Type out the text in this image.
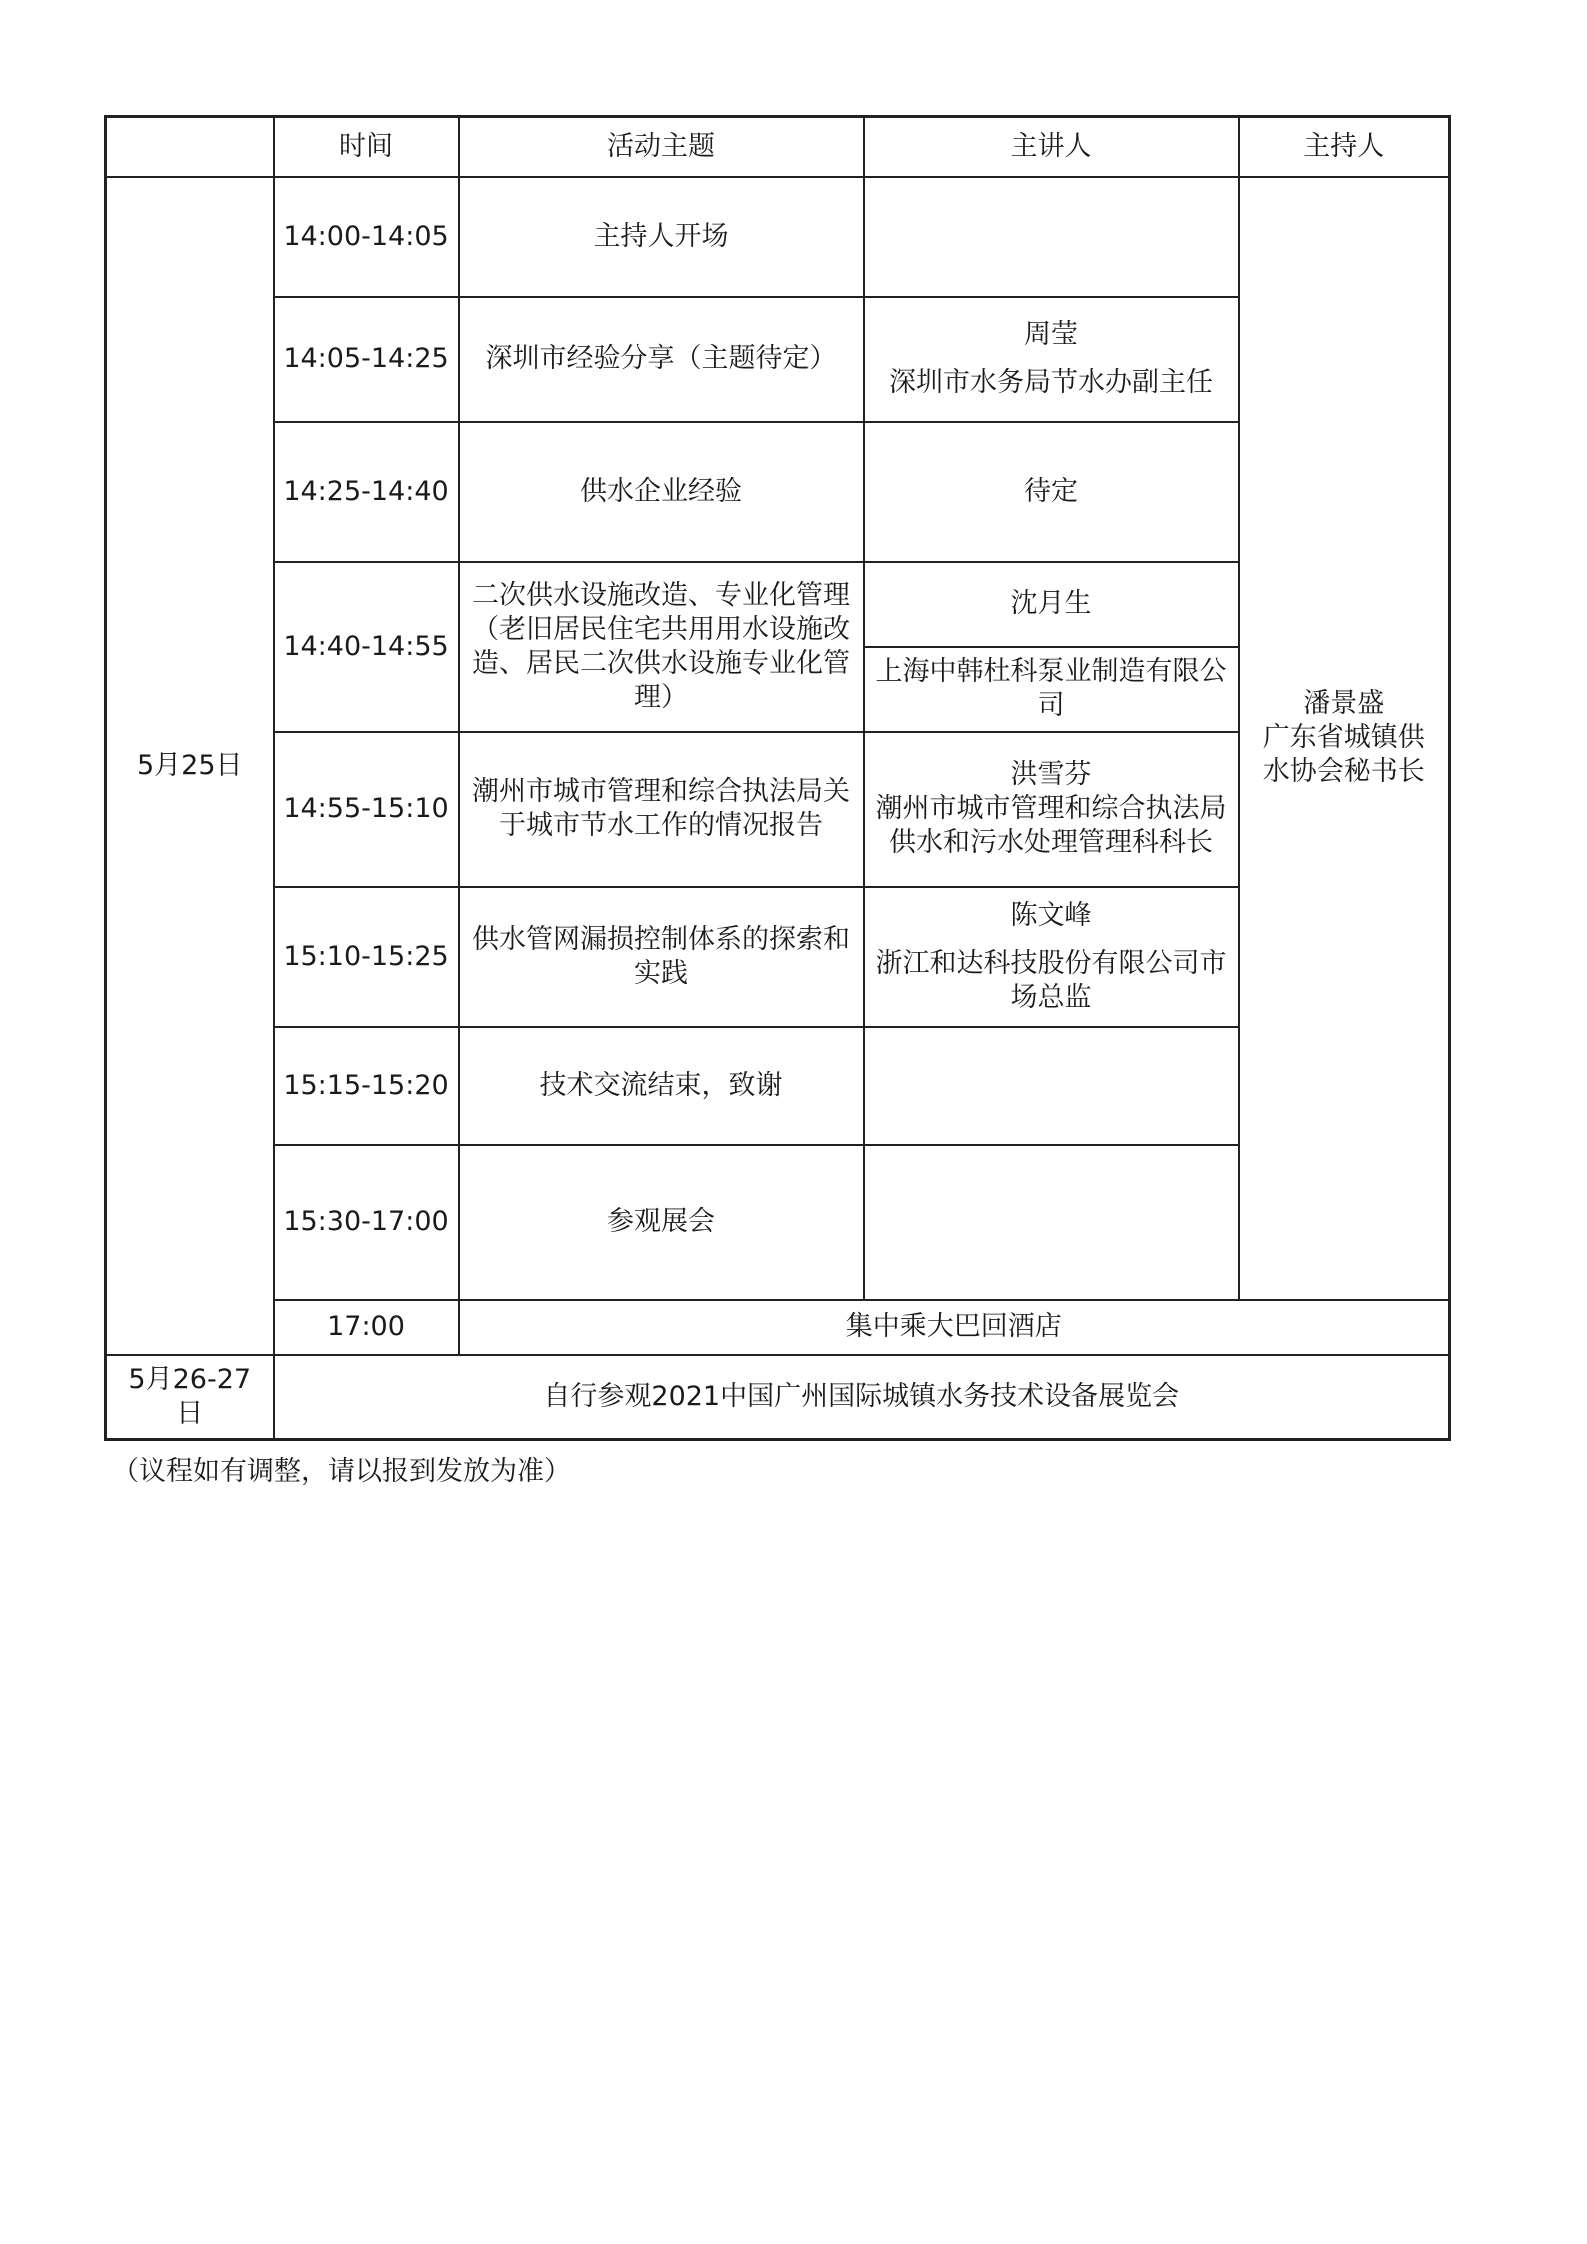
	时间	活动主题	主讲人	主持人
5月25日	14:00-14:05	主持人开场		潘景盛
广东省城镇供水协会秘书长

	14:05-14:25	深圳市经验分享（主题待定）	周莹
深圳市水务局节水办副主任	

	14:25-14:40	供水企业经验	待定	

	14:40-14:55	二次供水设施改造、专业化管理（老旧居民住宅共用用水设施改造、居民二次供水设施专业化管理）	沈月生
上海中韩杜科泵业制造有限公司	

	14:55-15:10	潮州市城市管理和综合执法局关于城市节水工作的情况报告	洪雪芬
潮州市城市管理和综合执法局供水和污水处理管理科科长	

	15:10-15:25	供水管网漏损控制体系的探索和实践	陈文峰
浙江和达科技股份有限公司市场总监	

	15:15-15:20	技术交流结束，致谢		

	15:30-17:00	参观展会		

	17:00	集中乘大巴回酒店		
5月26-27日	自行参观2021中国广州国际城镇水务技术设备展览会			
（议程如有调整，请以报到发放为准）
